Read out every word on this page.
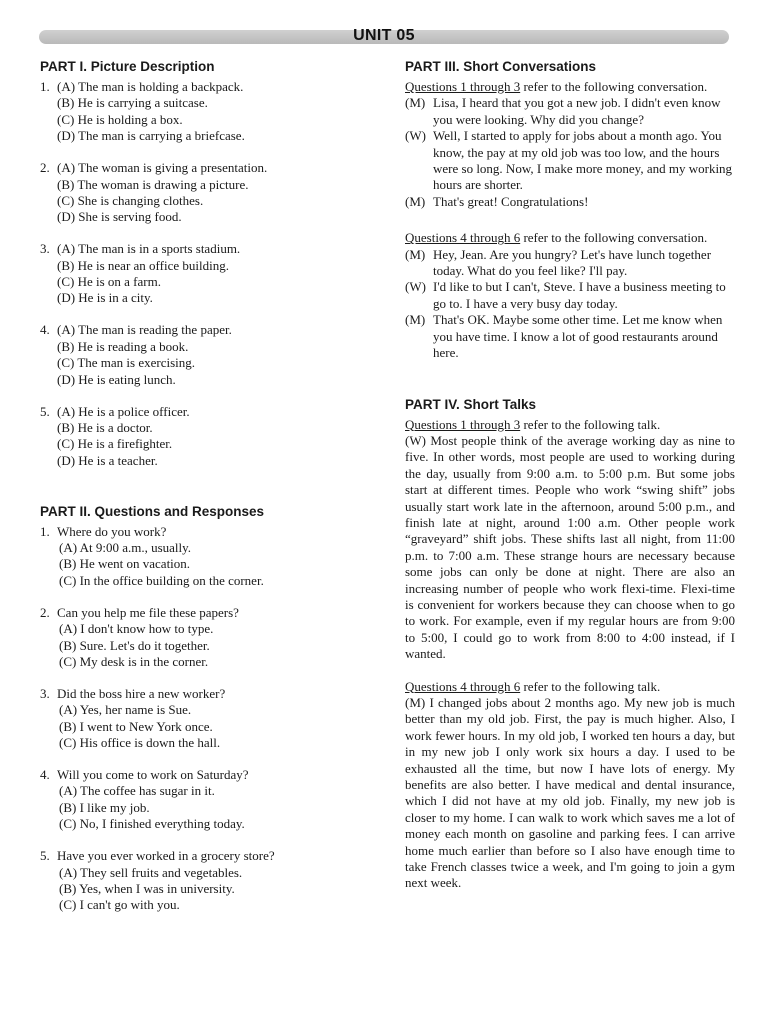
UNIT 05
PART I. Picture Description
1. (A) The man is holding a backpack.
(B) He is carrying a suitcase.
(C) He is holding a box.
(D) The man is carrying a briefcase.
2. (A) The woman is giving a presentation.
(B) The woman is drawing a picture.
(C) She is changing clothes.
(D) She is serving food.
3. (A) The man is in a sports stadium.
(B) He is near an office building.
(C) He is on a farm.
(D) He is in a city.
4. (A) The man is reading the paper.
(B) He is reading a book.
(C) The man is exercising.
(D) He is eating lunch.
5. (A) He is a police officer.
(B) He is a doctor.
(C) He is a firefighter.
(D) He is a teacher.
PART II. Questions and Responses
1. Where do you work?
(A) At 9:00 a.m., usually.
(B) He went on vacation.
(C) In the office building on the corner.
2. Can you help me file these papers?
(A) I don't know how to type.
(B) Sure. Let's do it together.
(C) My desk is in the corner.
3. Did the boss hire a new worker?
(A) Yes, her name is Sue.
(B) I went to New York once.
(C) His office is down the hall.
4. Will you come to work on Saturday?
(A) The coffee has sugar in it.
(B) I like my job.
(C) No, I finished everything today.
5. Have you ever worked in a grocery store?
(A) They sell fruits and vegetables.
(B) Yes, when I was in university.
(C) I can't go with you.
PART III. Short Conversations
Questions 1 through 3 refer to the following conversation.
(M) Lisa, I heard that you got a new job. I didn't even know you were looking. Why did you change?
(W) Well, I started to apply for jobs about a month ago. You know, the pay at my old job was too low, and the hours were so long. Now, I make more money, and my working hours are shorter.
(M) That's great! Congratulations!
Questions 4 through 6 refer to the following conversation.
(M) Hey, Jean. Are you hungry? Let's have lunch together today. What do you feel like? I'll pay.
(W) I'd like to but I can't, Steve. I have a business meeting to go to. I have a very busy day today.
(M) That's OK. Maybe some other time. Let me know when you have time. I know a lot of good restaurants around here.
PART IV. Short Talks
Questions 1 through 3 refer to the following talk.
(W) Most people think of the average working day as nine to five. In other words, most people are used to working during the day, usually from 9:00 a.m. to 5:00 p.m. But some jobs start at different times. People who work “swing shift” jobs usually start work late in the afternoon, around 5:00 p.m., and finish late at night, around 1:00 a.m. Other people work “graveyard” shift jobs. These shifts last all night, from 11:00 p.m. to 7:00 a.m. These strange hours are necessary because some jobs can only be done at night. There are also an increasing number of people who work flexi-time. Flexi-time is convenient for workers because they can choose when to go to work. For example, even if my regular hours are from 9:00 to 5:00, I could go to work from 8:00 to 4:00 instead, if I wanted.
Questions 4 through 6 refer to the following talk.
(M) I changed jobs about 2 months ago. My new job is much better than my old job. First, the pay is much higher. Also, I work fewer hours. In my old job, I worked ten hours a day, but in my new job I only work six hours a day. I used to be exhausted all the time, but now I have lots of energy. My benefits are also better. I have medical and dental insurance, which I did not have at my old job. Finally, my new job is closer to my home. I can walk to work which saves me a lot of money each month on gasoline and parking fees. I can arrive home much earlier than before so I also have enough time to take French classes twice a week, and I'm going to join a gym next week.
